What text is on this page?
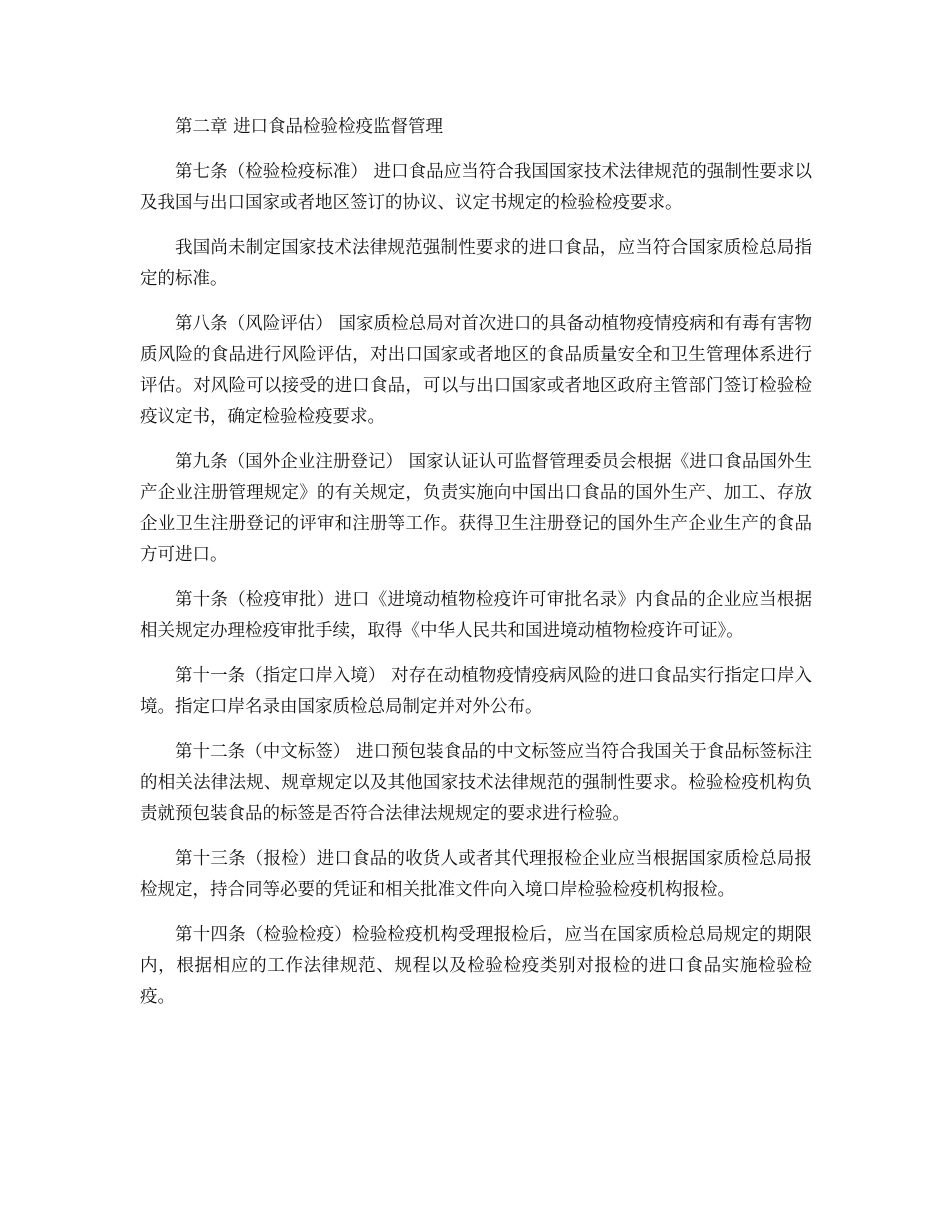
第二章 进口食品检验检疫监督管理

第七条（检验检疫标准） 进口食品应当符合我国国家技术法律规范的强制性要求以及我国与出口国家或者地区签订的协议、议定书规定的检验检疫要求。

我国尚未制定国家技术法律规范强制性要求的进口食品，应当符合国家质检总局指定的标准。

第八条（风险评估） 国家质检总局对首次进口的具备动植物疫情疫病和有毒有害物质风险的食品进行风险评估，对出口国家或者地区的食品质量安全和卫生管理体系进行评估。对风险可以接受的进口食品，可以与出口国家或者地区政府主管部门签订检验检疫议定书，确定检验检疫要求。

第九条（国外企业注册登记） 国家认证认可监督管理委员会根据《进口食品国外生产企业注册管理规定》的有关规定，负责实施向中国出口食品的国外生产、加工、存放企业卫生注册登记的评审和注册等工作。获得卫生注册登记的国外生产企业生产的食品方可进口。

第十条（检疫审批）进口《进境动植物检疫许可审批名录》内食品的企业应当根据相关规定办理检疫审批手续，取得《中华人民共和国进境动植物检疫许可证》。

第十一条（指定口岸入境） 对存在动植物疫情疫病风险的进口食品实行指定口岸入境。指定口岸名录由国家质检总局制定并对外公布。

第十二条（中文标签） 进口预包装食品的中文标签应当符合我国关于食品标签标注的相关法律法规、规章规定以及其他国家技术法律规范的强制性要求。检验检疫机构负责就预包装食品的标签是否符合法律法规规定的要求进行检验。

第十三条（报检）进口食品的收货人或者其代理报检企业应当根据国家质检总局报检规定，持合同等必要的凭证和相关批准文件向入境口岸检验检疫机构报检。

第十四条（检验检疫）检验检疫机构受理报检后，应当在国家质检总局规定的期限内，根据相应的工作法律规范、规程以及检验检疫类别对报检的进口食品实施检验检疫。
